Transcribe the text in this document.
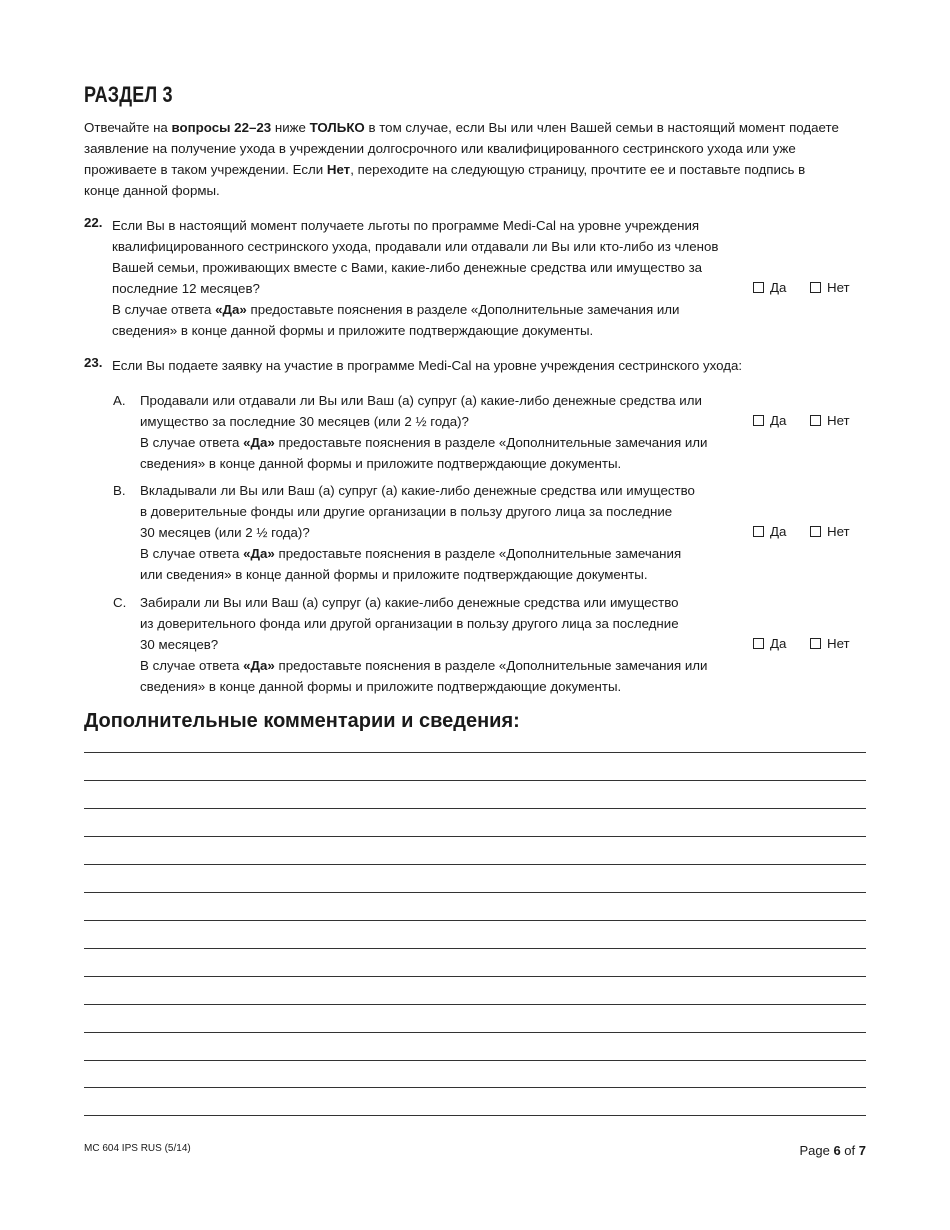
РАЗДЕЛ 3
Отвечайте на вопросы 22–23 ниже ТОЛЬКО в том случае, если Вы или член Вашей семьи в настоящий момент подаете
заявление на получение ухода в учреждении долгосрочного или квалифицированного сестринского ухода или уже
проживаете в таком учреждении. Если Нет, переходите на следующую страницу, прочтите ее и поставьте подпись в
конце данной формы.
22. Если Вы в настоящий момент получаете льготы по программе Medi-Cal на уровне учреждения
квалифицированного сестринского ухода, продавали или отдавали ли Вы или кто-либо из членов
Вашей семьи, проживающих вместе с Вами, какие-либо денежные средства или имущество за
последние 12 месяцев?
В случае ответа «Да» предоставьте пояснения в разделе «Дополнительные замечания или
сведения» в конце данной формы и приложите подтверждающие документы.
Да	Нет
23. Если Вы подаете заявку на участие в программе Medi-Cal на уровне учреждения сестринского ухода:
A. Продавали или отдавали ли Вы или Ваш (а) супруг (а) какие-либо денежные средства или
имущество за последние 30 месяцев (или 2 ½ года)?
В случае ответа «Да» предоставьте пояснения в разделе «Дополнительные замечания или
сведения» в конце данной формы и приложите подтверждающие документы.
Да	Нет
B. Вкладывали ли Вы или Ваш (а) супруг (а) какие-либо денежные средства или имущество
в доверительные фонды или другие организации в пользу другого лица за последние
30 месяцев (или 2 ½ года)?
В случае ответа «Да» предоставьте пояснения в разделе «Дополнительные замечания
или сведения» в конце данной формы и приложите подтверждающие документы.
Да	Нет
C. Забирали ли Вы или Ваш (а) супруг (а) какие-либо денежные средства или имущество
из доверительного фонда или другой организации в пользу другого лица за последние
30 месяцев?
В случае ответа «Да» предоставьте пояснения в разделе «Дополнительные замечания или
сведения» в конце данной формы и приложите подтверждающие документы.
Да	Нет
Дополнительные комментарии и сведения:
MC 604 IPS RUS (5/14)	Page 6 of 7
